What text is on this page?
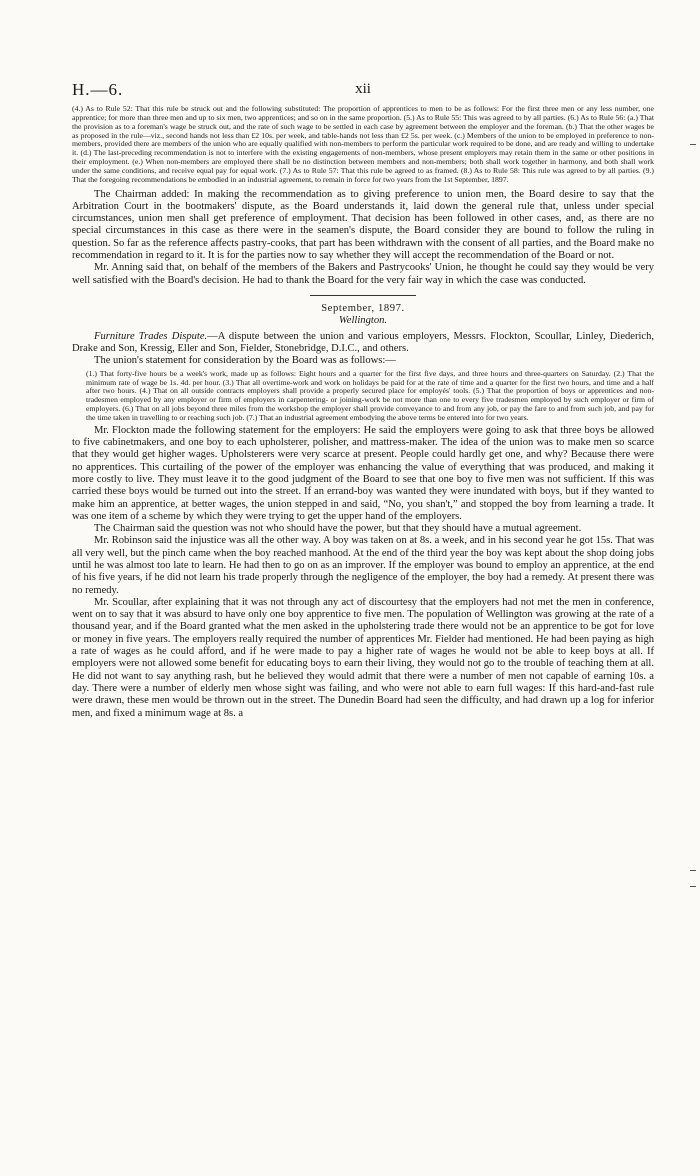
H.—6.	xii

(4.) As to Rule 52: That this rule be struck out and the following substituted: The proportion of apprentices to men to be as follows: For the first three men or any less number, one apprentice; for more than three men and up to six men, two apprentices; and so on in the same proportion. (5.) As to Rule 55: This was agreed to by all parties. (6.) As to Rule 56: (a.) That the provision as to a foreman's wage be struck out, and the rate of such wage to be settled in each case by agreement between the employer and the foreman. (b.) That the other wages be as proposed in the rule—viz., second hands not less than £2 10s. per week, and table-hands not less than £2 5s. per week. (c.) Members of the union to be employed in preference to non-members, provided there are members of the union who are equally qualified with non-members to perform the particular work required to be done, and are ready and willing to undertake it. (d.) The last-preceding recommendation is not to interfere with the existing engagements of non-members, whose present employers may retain them in the same or other positions in their employment. (e.) When non-members are employed there shall be no distinction between members and non-members; both shall work together in harmony, and both shall work under the same conditions, and receive equal pay for equal work. (7.) As to Rule 57: That this rule be agreed to as framed. (8.) As to Rule 58: This rule was agreed to by all parties. (9.) That the foregoing recommendations be embodied in an industrial agreement, to remain in force for two years from the 1st September, 1897.

The Chairman added: In making the recommendation as to giving preference to union men, the Board desire to say that the Arbitration Court in the bootmakers' dispute, as the Board understands it, laid down the general rule that, unless under special circumstances, union men shall get preference of employment. That decision has been followed in other cases, and, as there are no special circumstances in this case as there were in the seamen's dispute, the Board consider they are bound to follow the ruling in question. So far as the reference affects pastry-cooks, that part has been withdrawn with the consent of all parties, and the Board make no recommendation in regard to it. It is for the parties now to say whether they will accept the recommendation of the Board or not.

Mr. Anning said that, on behalf of the members of the Bakers and Pastrycooks' Union, he thought he could say they would be very well satisfied with the Board's decision. He had to thank the Board for the very fair way in which the case was conducted.

September, 1897.
Wellington.

Furniture Trades Dispute.—A dispute between the union and various employers, Messrs. Flockton, Scoullar, Linley, Diederich, Drake and Son, Kressig, Eller and Son, Fielder, Stonebridge, D.I.C., and others.

The union's statement for consideration by the Board was as follows:—

(1.) That forty-five hours be a week's work, made up as follows: Eight hours and a quarter for the first five days, and three hours and three-quarters on Saturday. (2.) That the minimum rate of wage be 1s. 4d. per hour. (3.) That all overtime-work and work on holidays be paid for at the rate of time and a quarter for the first two hours, and time and a half after two hours. (4.) That on all outside contracts employers shall provide a properly secured place for employés' tools. (5.) That the proportion of boys or apprentices and non-tradesmen employed by any employer or firm of employers in carpentering- or joining-work be not more than one to every five tradesmen employed by such employer or firm of employers. (6.) That on all jobs beyond three miles from the workshop the employer shall provide conveyance to and from any job, or pay the fare to and from such job, and pay for the time taken in travelling to or reaching such job. (7.) That an industrial agreement embodying the above terms be entered into for two years.

Mr. Flockton made the following statement for the employers: He said the employers were going to ask that three boys be allowed to five cabinetmakers, and one boy to each upholsterer, polisher, and mattress-maker. The idea of the union was to make men so scarce that they would get higher wages. Upholsterers were very scarce at present. People could hardly get one, and why? Because there were no apprentices. This curtailing of the power of the employer was enhancing the value of everything that was produced, and making it more costly to live. They must leave it to the good judgment of the Board to see that one boy to five men was not sufficient. If this was carried these boys would be turned out into the street. If an errand-boy was wanted they were inundated with boys, but if they wanted to make him an apprentice, at better wages, the union stepped in and said, “No, you shan't,” and stopped the boy from learning a trade. It was one item of a scheme by which they were trying to get the upper hand of the employers.

The Chairman said the question was not who should have the power, but that they should have a mutual agreement.

Mr. Robinson said the injustice was all the other way. A boy was taken on at 8s. a week, and in his second year he got 15s. That was all very well, but the pinch came when the boy reached manhood. At the end of the third year the boy was kept about the shop doing jobs until he was almost too late to learn. He had then to go on as an improver. If the employer was bound to employ an apprentice, at the end of his five years, if he did not learn his trade properly through the negligence of the employer, the boy had a remedy. At present there was no remedy.

Mr. Scoullar, after explaining that it was not through any act of discourtesy that the employers had not met the men in conference, went on to say that it was absurd to have only one boy apprentice to five men. The population of Wellington was growing at the rate of a thousand year, and if the Board granted what the men asked in the upholstering trade there would not be an apprentice to be got for love or money in five years. The employers really required the number of apprentices Mr. Fielder had mentioned. He had been paying as high a rate of wages as he could afford, and if he were made to pay a higher rate of wages he would not be able to keep boys at all. If employers were not allowed some benefit for educating boys to earn their living, they would not go to the trouble of teaching them at all. He did not want to say anything rash, but he believed they would admit that there were a number of men not capable of earning 10s. a day. There were a number of elderly men whose sight was failing, and who were not able to earn full wages: If this hard-and-fast rule were drawn, these men would be thrown out in the street. The Dunedin Board had seen the difficulty, and had drawn up a log for inferior men, and fixed a minimum wage at 8s. a
